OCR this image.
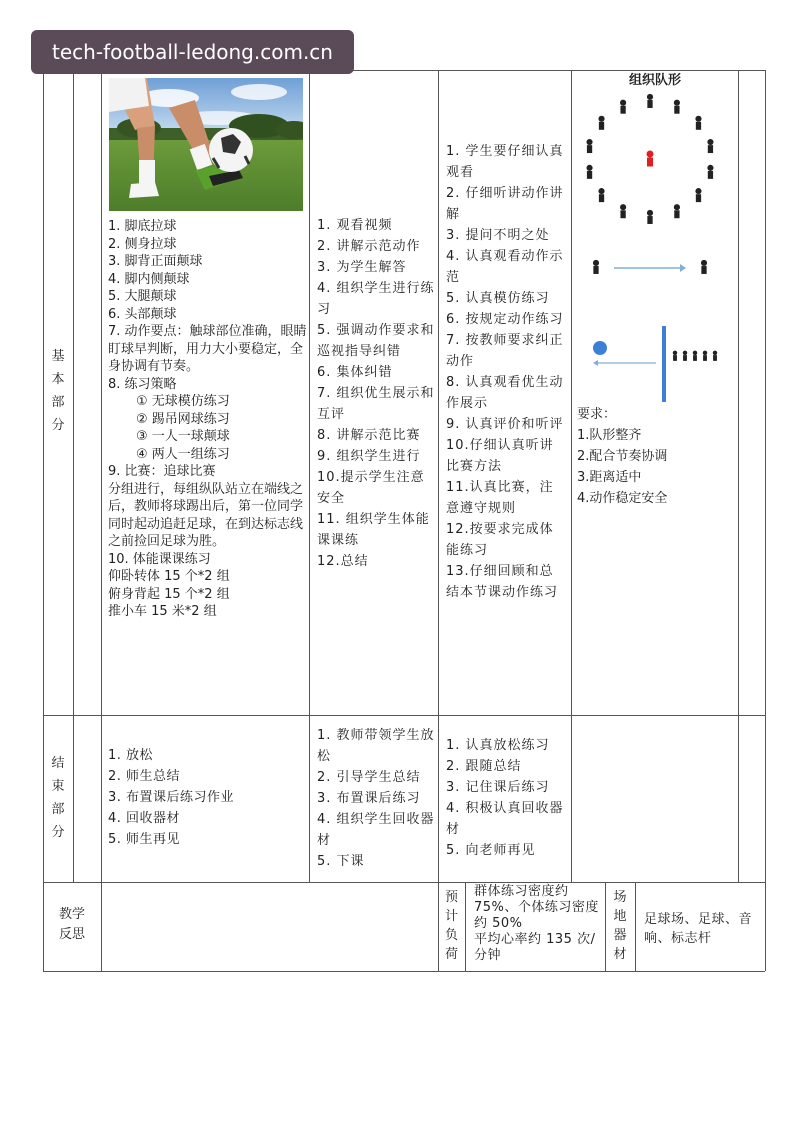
tech-football-ledong.com.cn
基
本
部
分
1. 脚底拉球
2. 侧身拉球
3. 脚背正面颠球
4. 脚内侧颠球
5. 大腿颠球
6. 头部颠球
7. 动作要点：触球部位准确，眼睛盯球早判断，用力大小要稳定，全身协调有节奏。
8. 练习策略
① 无球模仿练习
② 踢吊网球练习
③ 一人一球颠球
④ 两人一组练习
9. 比赛：追球比赛
分组进行，每组纵队站立在端线之后，教师将球踢出后，第一位同学同时起动追赶足球，在到达标志线之前捡回足球为胜。
10. 体能课课练习
仰卧转体 15 个*2 组
俯身背起 15 个*2 组
推小车 15 米*2 组
1. 观看视频
2. 讲解示范动作
3. 为学生解答
4. 组织学生进行练习
5. 强调动作要求和巡视指导纠错
6. 集体纠错
7. 组织优生展示和互评
8. 讲解示范比赛
9. 组织学生进行
10.提示学生注意安全
11. 组织学生体能课课练
12.总结
1. 学生要仔细认真观看
2. 仔细听讲动作讲解
3. 提问不明之处
4. 认真观看动作示范
5. 认真模仿练习
6. 按规定动作练习
7. 按教师要求纠正动作
8. 认真观看优生动作展示
9. 认真评价和听评
10.仔细认真听讲比赛方法
11.认真比赛，注意遵守规则
12.按要求完成体能练习
13.仔细回顾和总结本节课动作练习
组织队形
要求：
1.队形整齐
2.配合节奏协调
3.距离适中
4.动作稳定安全
结
束
部
分
1. 放松
2. 师生总结
3. 布置课后练习作业
4. 回收器材
5. 师生再见
1. 教师带领学生放松
2. 引导学生总结
3. 布置课后练习
4. 组织学生回收器材
5. 下课
1. 认真放松练习
2. 跟随总结
3. 记住课后练习
4. 积极认真回收器材
5. 向老师再见
教学
反思
预
计
负
荷
群体练习密度约 75%、个体练习密度约 50%
平均心率约 135 次/分钟
场
地
器
材
足球场、足球、音响、标志杆
